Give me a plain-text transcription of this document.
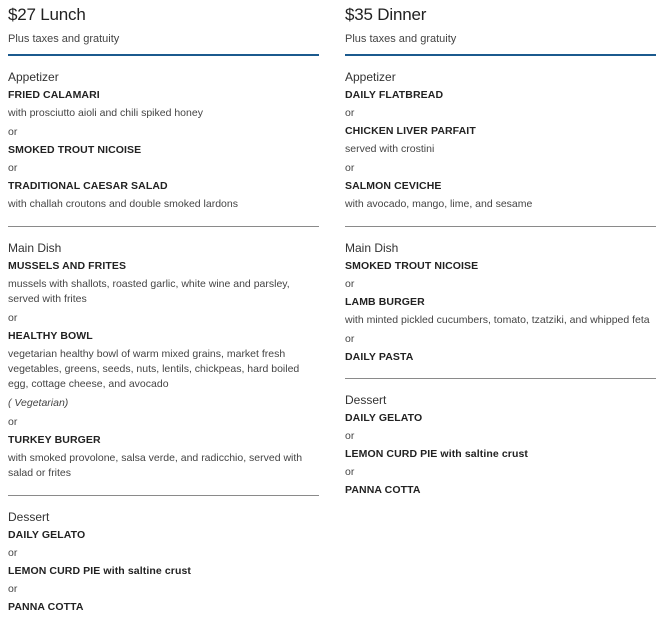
$27 Lunch

Plus taxes and gratuity

Appetizer
FRIED CALAMARI
with prosciutto aioli and chili spiked honey
or
SMOKED TROUT NICOISE
or
TRADITIONAL CAESAR SALAD
with challah croutons and double smoked lardons
Main Dish
MUSSELS AND FRITES
mussels with shallots, roasted garlic, white wine and parsley, served with frites
or
HEALTHY BOWL
vegetarian healthy bowl of warm mixed grains, market fresh vegetables, greens, seeds, nuts, lentils, chickpeas, hard boiled egg, cottage cheese, and avocado
( Vegetarian)
or
TURKEY BURGER
with smoked provolone, salsa verde, and radicchio, served with salad or frites
Dessert
DAILY GELATO
or
LEMON CURD PIE with saltine crust
or
PANNA COTTA
$35 Dinner

Plus taxes and gratuity

Appetizer
DAILY FLATBREAD
or
CHICKEN LIVER PARFAIT
served with crostini
or
SALMON CEVICHE
with avocado, mango, lime, and sesame
Main Dish
SMOKED TROUT NICOISE
or
LAMB BURGER
with minted pickled cucumbers, tomato, tzatziki, and whipped feta
or
DAILY PASTA
Dessert
DAILY GELATO
or
LEMON CURD PIE with saltine crust
or
PANNA COTTA
